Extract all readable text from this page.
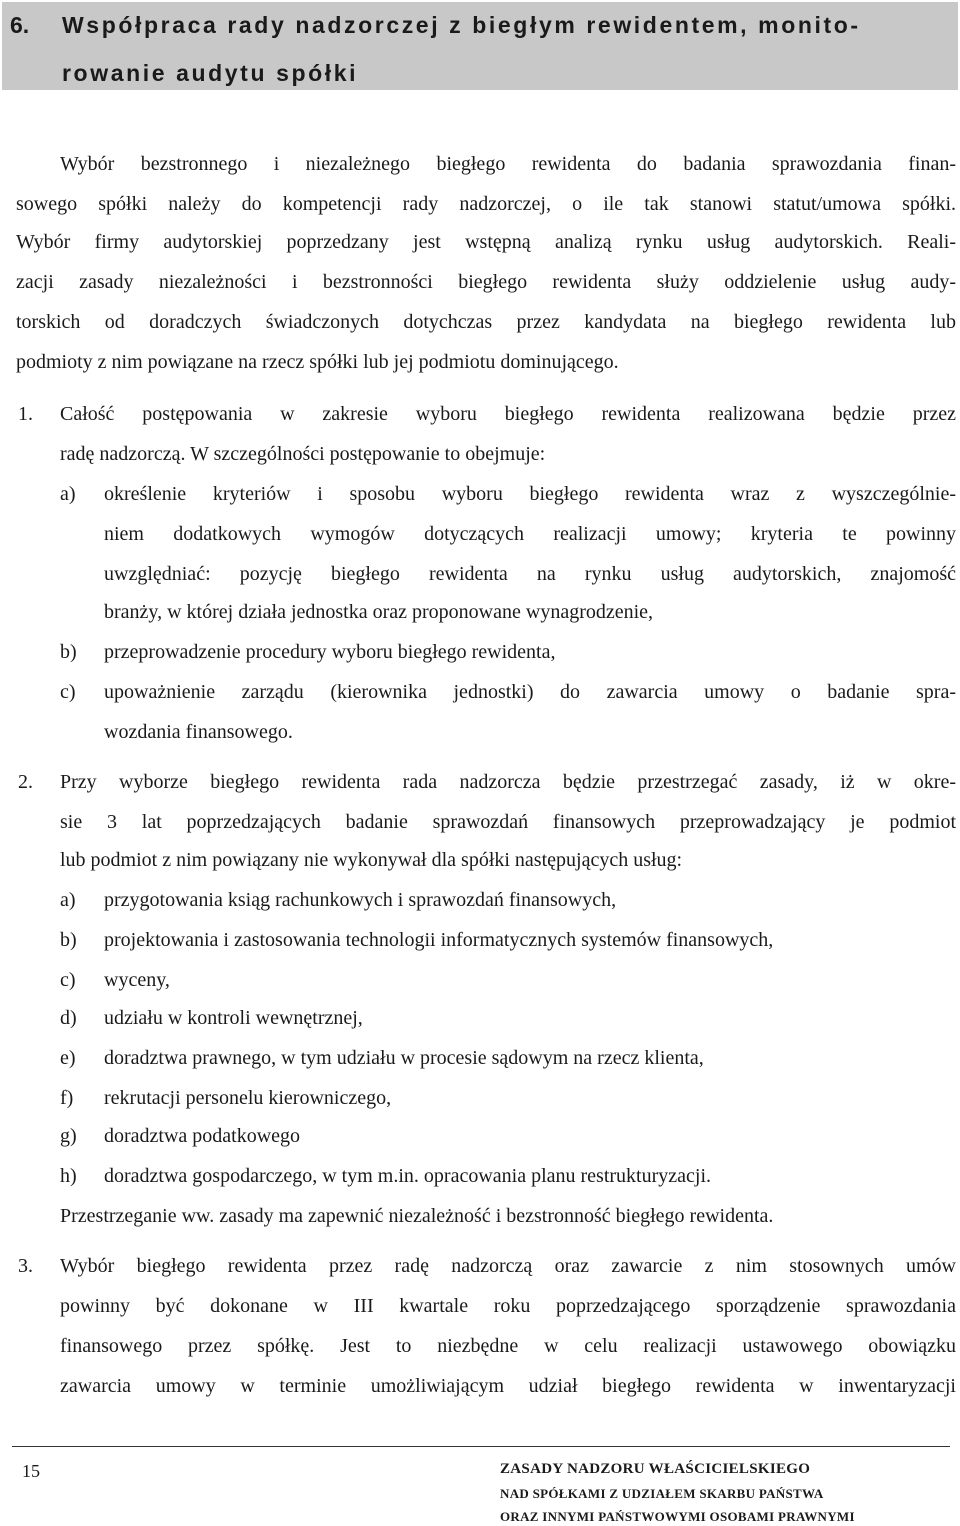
6. Współpraca rady nadzorczej z biegłym rewidentem, monito-
rowanie audytu spółki
Wybór bezstronnego i niezależnego biegłego rewidenta do badania sprawozdania finan-
sowego spółki należy do kompetencji rady nadzorczej, o ile tak stanowi statut/umowa spółki.
Wybór firmy audytorskiej poprzedzany jest wstępną analizą rynku usług audytorskich. Reali-
zacji zasady niezależności i bezstronności biegłego rewidenta służy oddzielenie usług audy-
torskich od doradczych świadczonych dotychczas przez kandydata na biegłego rewidenta lub
podmioty z nim powiązane na rzecz spółki lub jej podmiotu dominującego.
1. Całość postępowania w zakresie wyboru biegłego rewidenta realizowana będzie przez
radę nadzorczą. W szczególności postępowanie to obejmuje:
a) określenie kryteriów i sposobu wyboru biegłego rewidenta wraz z wyszczególnie-
niem dodatkowych wymogów dotyczących realizacji umowy; kryteria te powinny
uwzględniać: pozycję biegłego rewidenta na rynku usług audytorskich, znajomość
branży, w której działa jednostka oraz proponowane wynagrodzenie,
b) przeprowadzenie procedury wyboru biegłego rewidenta,
c) upoważnienie zarządu (kierownika jednostki) do zawarcia umowy o badanie spra-
wozdania finansowego.
2. Przy wyborze biegłego rewidenta rada nadzorcza będzie przestrzegać zasady, iż w okre-
sie 3 lat poprzedzających badanie sprawozdań finansowych przeprowadzający je podmiot
lub podmiot z nim powiązany nie wykonywał dla spółki następujących usług:
a) przygotowania ksiąg rachunkowych i sprawozdań finansowych,
b) projektowania i zastosowania technologii informatycznych systemów finansowych,
c) wyceny,
d) udziału w kontroli wewnętrznej,
e) doradztwa prawnego, w tym udziału w procesie sądowym na rzecz klienta,
f) rekrutacji personelu kierowniczego,
g) doradztwa podatkowego
h) doradztwa gospodarczego, w tym m.in. opracowania planu restrukturyzacji.
Przestrzeganie ww. zasady ma zapewnić niezależność i bezstronność biegłego rewidenta.
3. Wybór biegłego rewidenta przez radę nadzorczą oraz zawarcie z nim stosownych umów
powinny być dokonane w III kwartale roku poprzedzającego sporządzenie sprawozdania
finansowego przez spółkę. Jest to niezbędne w celu realizacji ustawowego obowiązku
zawarcia umowy w terminie umożliwiającym udział biegłego rewidenta w inwentaryzacji
15	ZASADY NADZORU WŁAŚCICIELSKIEGO
NAD SPÓŁKAMI Z UDZIAŁEM SKARBU PAŃSTWA
ORAZ INNYMI PAŃSTWOWYMI OSOBAMI PRAWNYMI
